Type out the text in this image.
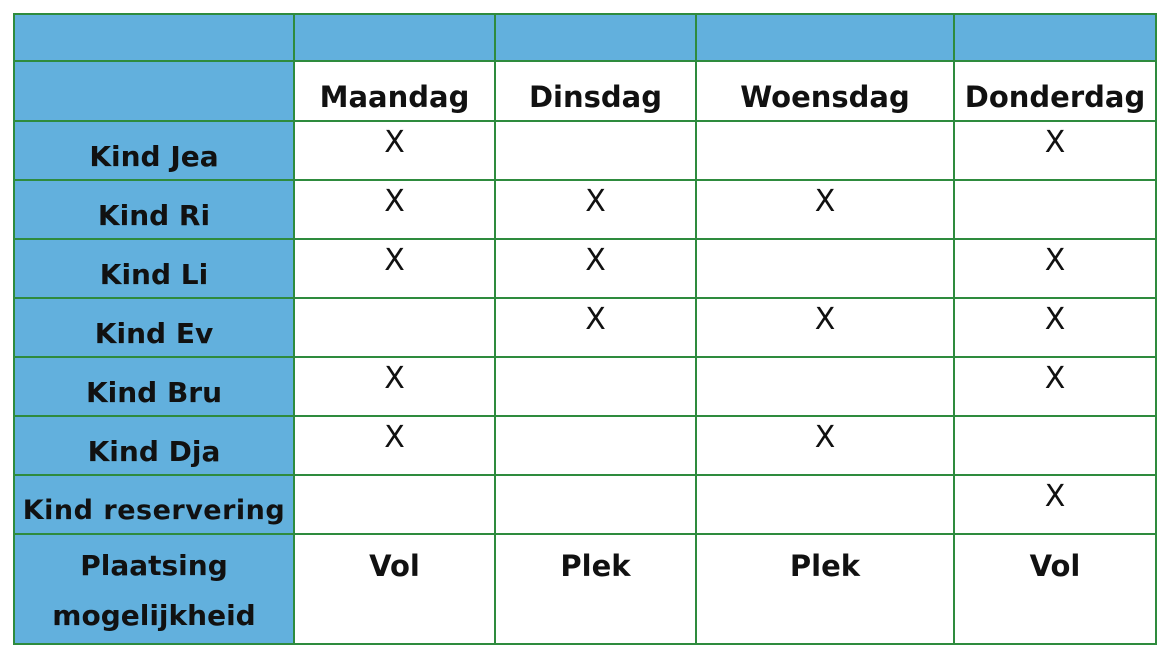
	Maandag	Dinsdag	Woensdag	Donderdag
Kind Jea	X			X
Kind Ri	X	X	X	
Kind Li	X	X		X
Kind Ev		X	X	X
Kind Bru	X			X
Kind Dja	X		X	
Kind reservering				X

Plaatsing
mogelijkheid	Vol	Plek	Plek	Vol
